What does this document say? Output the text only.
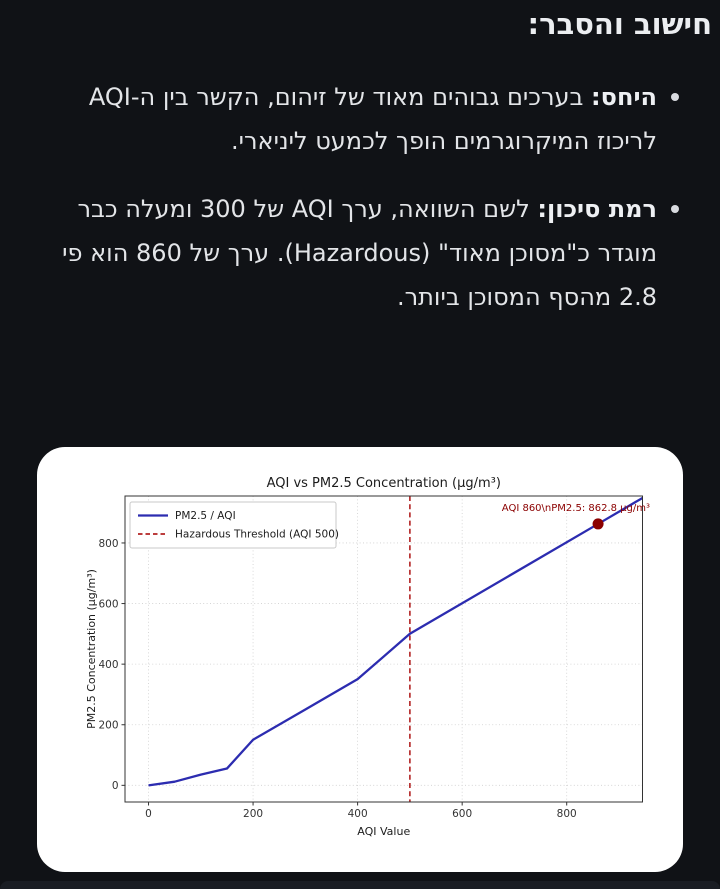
חישוב והסבר:

היחס: בערכים גבוהים מאוד של זיהום, הקשר בין ה-AQI לריכוז המיקרוגרמים הופך לכמעט ליניארי.

רמת סיכון: לשם השוואה, ערך AQI של 300 ומעלה כבר מוגדר כ"מסוכן מאוד" (Hazardous). ערך של 860 הוא פי 2.8 מהסף המסוכן ביותר.

0	200	400	600	800
0
200
400
600
800
AQI vs PM2.5 Concentration (μg/m³)
AQI Value
PM2.5 Concentration (μg/m³)
AQI 860\nPM2.5: 862.8 μg/m³
PM2.5 / AQI
Hazardous Threshold (AQI 500)
